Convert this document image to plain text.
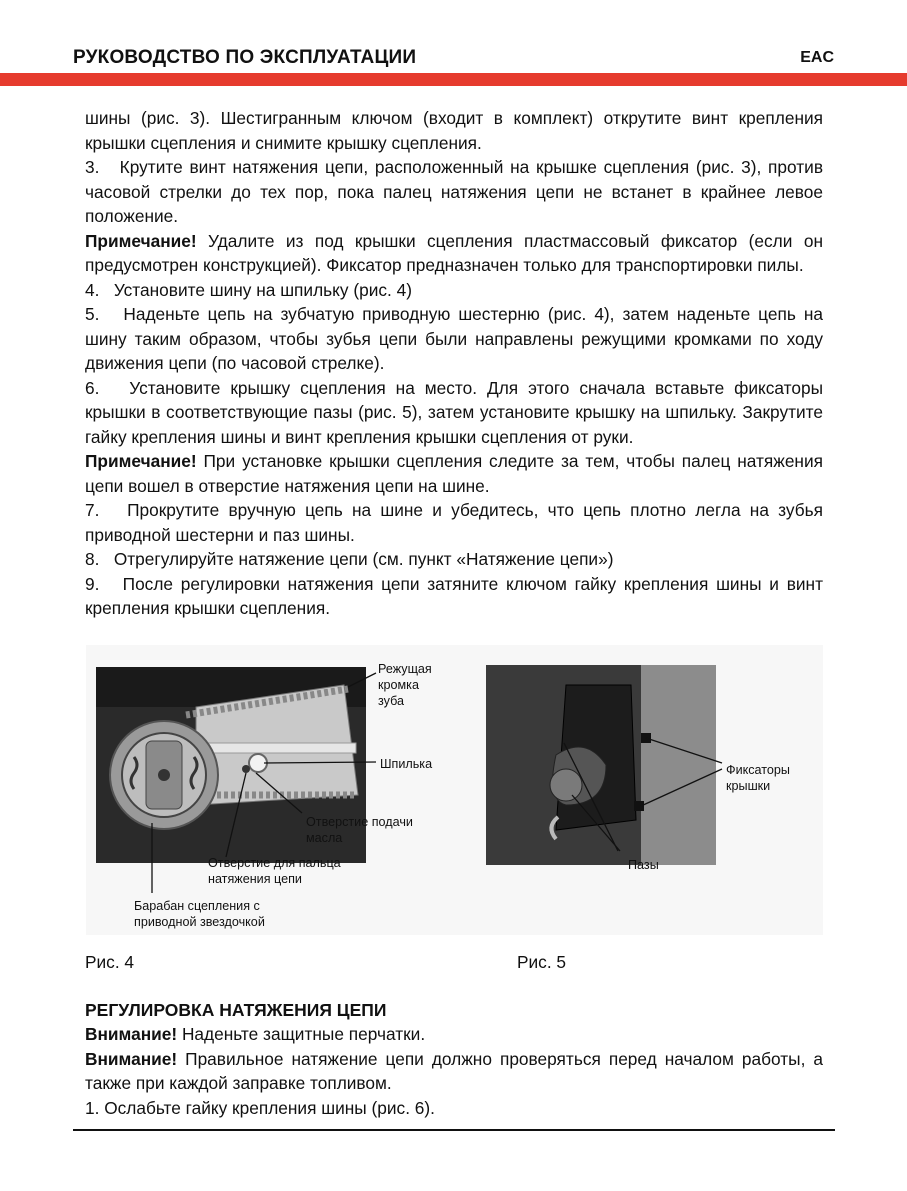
РУКОВОДСТВО ПО ЭКСПЛУАТАЦИИ	EAC

шины (рис. 3). Шестигранным ключом (входит в комплект) открутите винт крепления крышки сцепления и снимите крышку сцепления.

3.   Крутите винт натяжения цепи, расположенный на крышке сцепления (рис. 3), против часовой стрелки до тех пор, пока палец натяжения цепи не встанет в крайнее левое положение.

Примечание! Удалите из под крышки сцепления пластмассовый фиксатор (если он предусмотрен конструкцией). Фиксатор предназначен только для транспортировки пилы.

4.   Установите шину на шпильку (рис. 4)

5.   Наденьте цепь на зубчатую приводную шестерню (рис. 4), затем наденьте цепь на шину таким образом, чтобы зубья цепи были направлены режущими кромками по ходу движения цепи (по часовой стрелке).

6.   Установите крышку сцепления на место. Для этого сначала вставьте фиксаторы крышки в соответствующие пазы (рис. 5), затем установите крышку на шпильку. Закрутите гайку крепления шины и винт крепления крышки сцепления от руки.

Примечание! При установке крышки сцепления следите за тем, чтобы палец натяжения цепи вошел в отверстие натяжения цепи на шине.

7.   Прокрутите вручную цепь на шине и убедитесь, что цепь плотно легла на зубья приводной шестерни и паз шины.

8.   Отрегулируйте натяжение цепи (см. пункт «Натяжение цепи»)

9.   После регулировки натяжения цепи затяните ключом гайку крепления шины и винт крепления крышки сцепления.

Режущая
кромка
зуба
Шпилька
Отверстие подачи
масла
Отверстие для пальца
натяжения цепи
Барабан сцепления с
приводной звездочкой
Фиксаторы
крышки
Пазы
Рис. 4	Рис. 5
РЕГУЛИРОВКА НАТЯЖЕНИЯ ЦЕПИ

Внимание! Наденьте защитные перчатки.

Внимание! Правильное натяжение цепи должно проверяться перед началом работы, а также при каждой заправке топливом.

1. Ослабьте гайку крепления шины (рис. 6).
